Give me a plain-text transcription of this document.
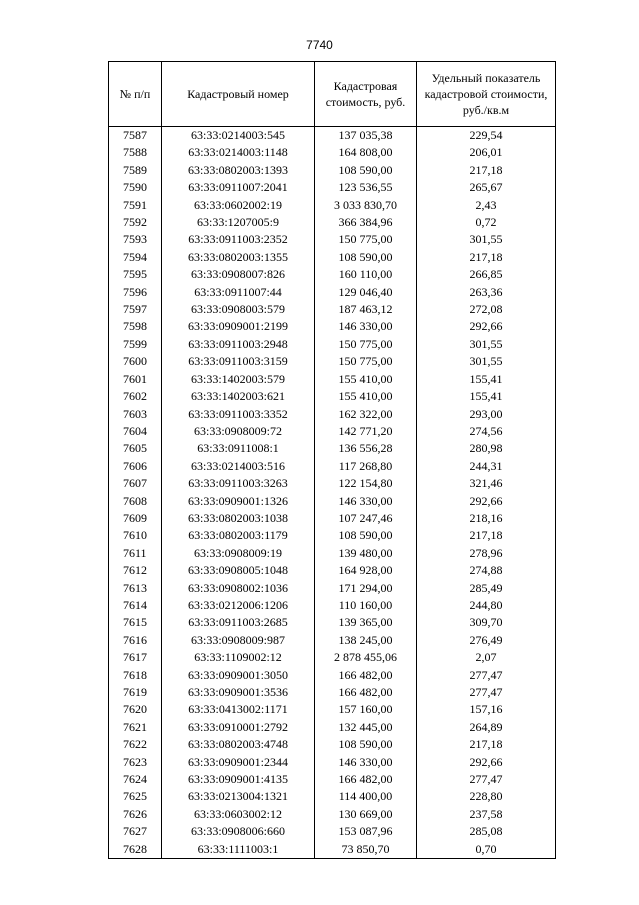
7740
№ п/п	Кадастровый номер	Кадастровая стоимость, руб.	Удельный показатель кадастровой стоимости, руб./кв.м
7587	63:33:0214003:545	137 035,38	229,54
7588	63:33:0214003:1148	164 808,00	206,01
7589	63:33:0802003:1393	108 590,00	217,18
7590	63:33:0911007:2041	123 536,55	265,67
7591	63:33:0602002:19	3 033 830,70	2,43
7592	63:33:1207005:9	366 384,96	0,72
7593	63:33:0911003:2352	150 775,00	301,55
7594	63:33:0802003:1355	108 590,00	217,18
7595	63:33:0908007:826	160 110,00	266,85
7596	63:33:0911007:44	129 046,40	263,36
7597	63:33:0908003:579	187 463,12	272,08
7598	63:33:0909001:2199	146 330,00	292,66
7599	63:33:0911003:2948	150 775,00	301,55
7600	63:33:0911003:3159	150 775,00	301,55
7601	63:33:1402003:579	155 410,00	155,41
7602	63:33:1402003:621	155 410,00	155,41
7603	63:33:0911003:3352	162 322,00	293,00
7604	63:33:0908009:72	142 771,20	274,56
7605	63:33:0911008:1	136 556,28	280,98
7606	63:33:0214003:516	117 268,80	244,31
7607	63:33:0911003:3263	122 154,80	321,46
7608	63:33:0909001:1326	146 330,00	292,66
7609	63:33:0802003:1038	107 247,46	218,16
7610	63:33:0802003:1179	108 590,00	217,18
7611	63:33:0908009:19	139 480,00	278,96
7612	63:33:0908005:1048	164 928,00	274,88
7613	63:33:0908002:1036	171 294,00	285,49
7614	63:33:0212006:1206	110 160,00	244,80
7615	63:33:0911003:2685	139 365,00	309,70
7616	63:33:0908009:987	138 245,00	276,49
7617	63:33:1109002:12	2 878 455,06	2,07
7618	63:33:0909001:3050	166 482,00	277,47
7619	63:33:0909001:3536	166 482,00	277,47
7620	63:33:0413002:1171	157 160,00	157,16
7621	63:33:0910001:2792	132 445,00	264,89
7622	63:33:0802003:4748	108 590,00	217,18
7623	63:33:0909001:2344	146 330,00	292,66
7624	63:33:0909001:4135	166 482,00	277,47
7625	63:33:0213004:1321	114 400,00	228,80
7626	63:33:0603002:12	130 669,00	237,58
7627	63:33:0908006:660	153 087,96	285,08
7628	63:33:1111003:1	73 850,70	0,70
